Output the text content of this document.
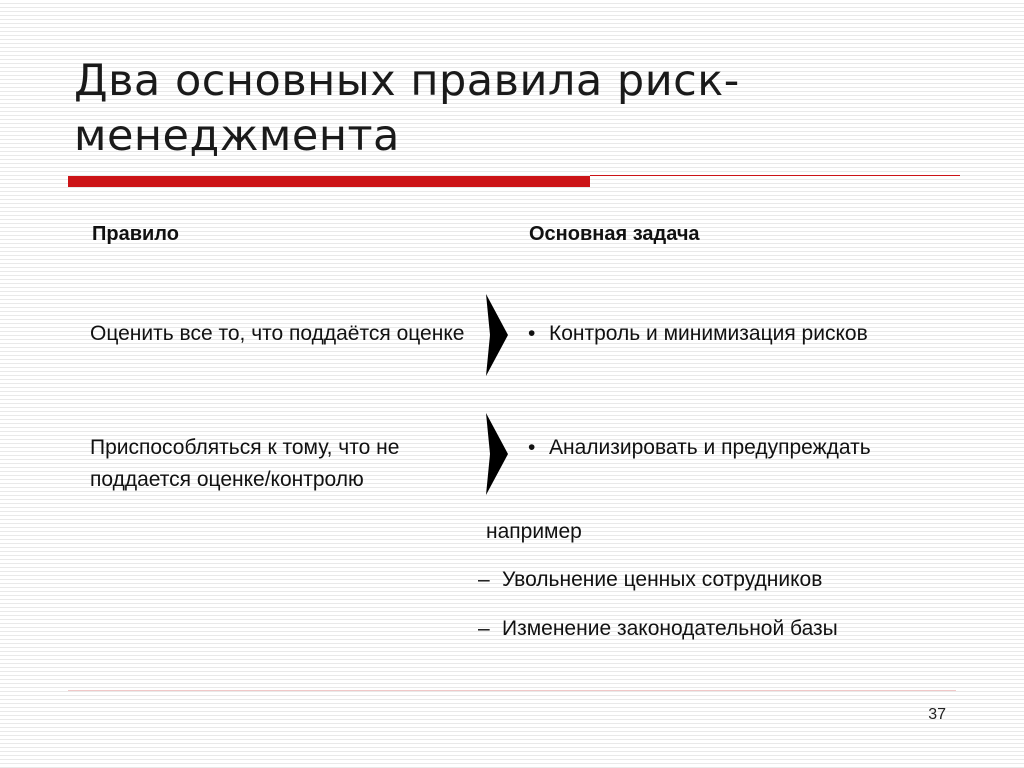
Два основных правила риск-менеджмента
Правило	Основная задача
Оценить все то, что поддаётся оценке	• Контроль и минимизация рисков
Приспособляться к тому, что не поддается оценке/контролю
• Анализировать и предупреждать
например
– Увольнение ценных сотрудников
– Изменение законодательной базы
37
